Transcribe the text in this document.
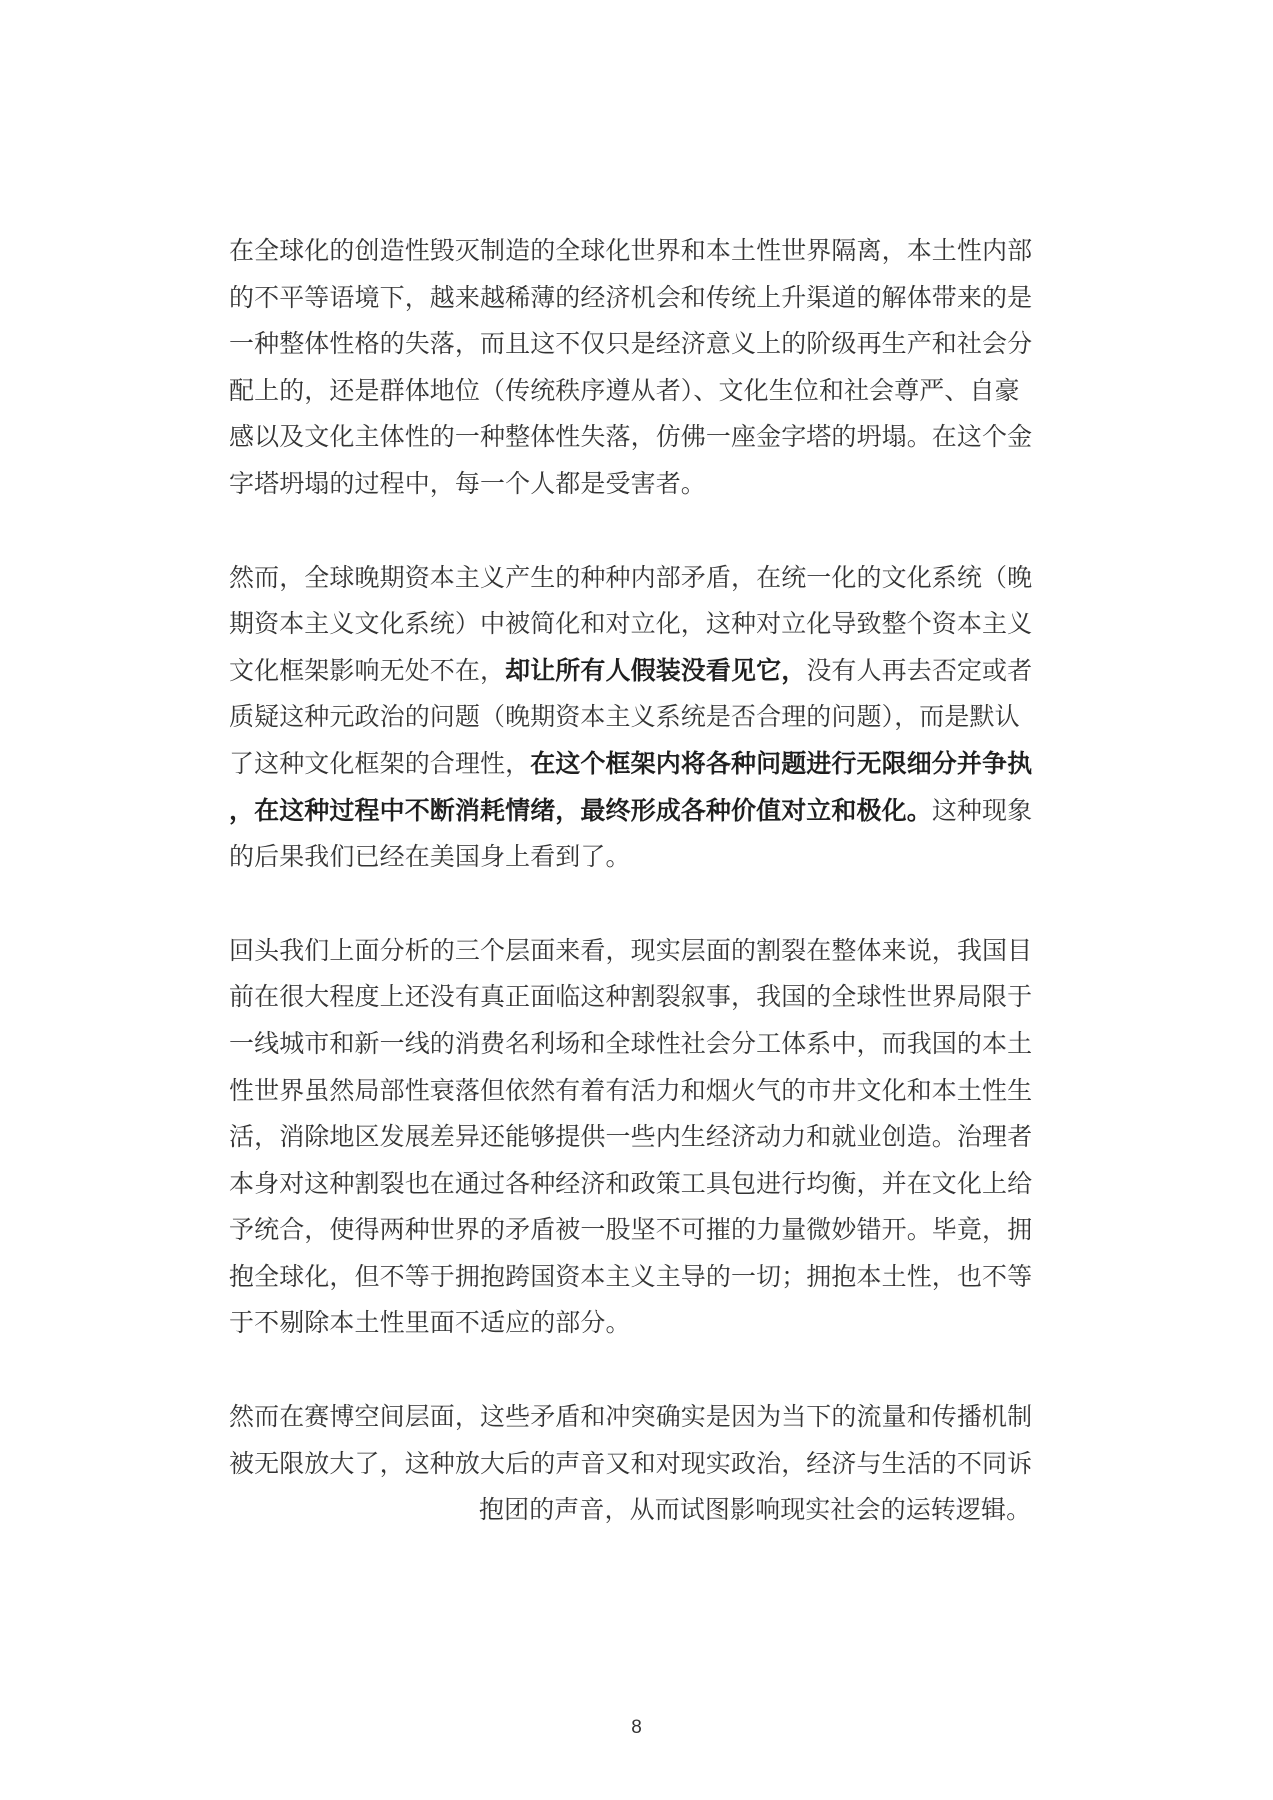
在全球化的创造性毁灭制造的全球化世界和本土性世界隔离，本土性内部
的不平等语境下，越来越稀薄的经济机会和传统上升渠道的解体带来的是
一种整体性格的失落，而且这不仅只是经济意义上的阶级再生产和社会分
配上的，还是群体地位（传统秩序遵从者）、文化生位和社会尊严、自豪
感以及文化主体性的一种整体性失落，仿佛一座金字塔的坍塌。在这个金
字塔坍塌的过程中，每一个人都是受害者。

然而，全球晚期资本主义产生的种种内部矛盾，在统一化的文化系统（晚
期资本主义文化系统）中被简化和对立化，这种对立化导致整个资本主义
文化框架影响无处不在，却让所有人假装没看见它，没有人再去否定或者
质疑这种元政治的问题（晚期资本主义系统是否合理的问题），而是默认
了这种文化框架的合理性，在这个框架内将各种问题进行无限细分并争执
，在这种过程中不断消耗情绪，最终形成各种价值对立和极化。这种现象
的后果我们已经在美国身上看到了。

回头我们上面分析的三个层面来看，现实层面的割裂在整体来说，我国目
前在很大程度上还没有真正面临这种割裂叙事，我国的全球性世界局限于
一线城市和新一线的消费名利场和全球性社会分工体系中，而我国的本土
性世界虽然局部性衰落但依然有着有活力和烟火气的市井文化和本土性生
活，消除地区发展差异还能够提供一些内生经济动力和就业创造。治理者
本身对这种割裂也在通过各种经济和政策工具包进行均衡，并在文化上给
予统合，使得两种世界的矛盾被一股坚不可摧的力量微妙错开。毕竟，拥
抱全球化，但不等于拥抱跨国资本主义主导的一切；拥抱本土性，也不等
于不剔除本土性里面不适应的部分。

然而在赛博空间层面，这些矛盾和冲突确实是因为当下的流量和传播机制
被无限放大了，这种放大后的声音又和对现实政治，经济与生活的不同诉
抱团的声音，从而试图影响现实社会的运转逻辑。

8
